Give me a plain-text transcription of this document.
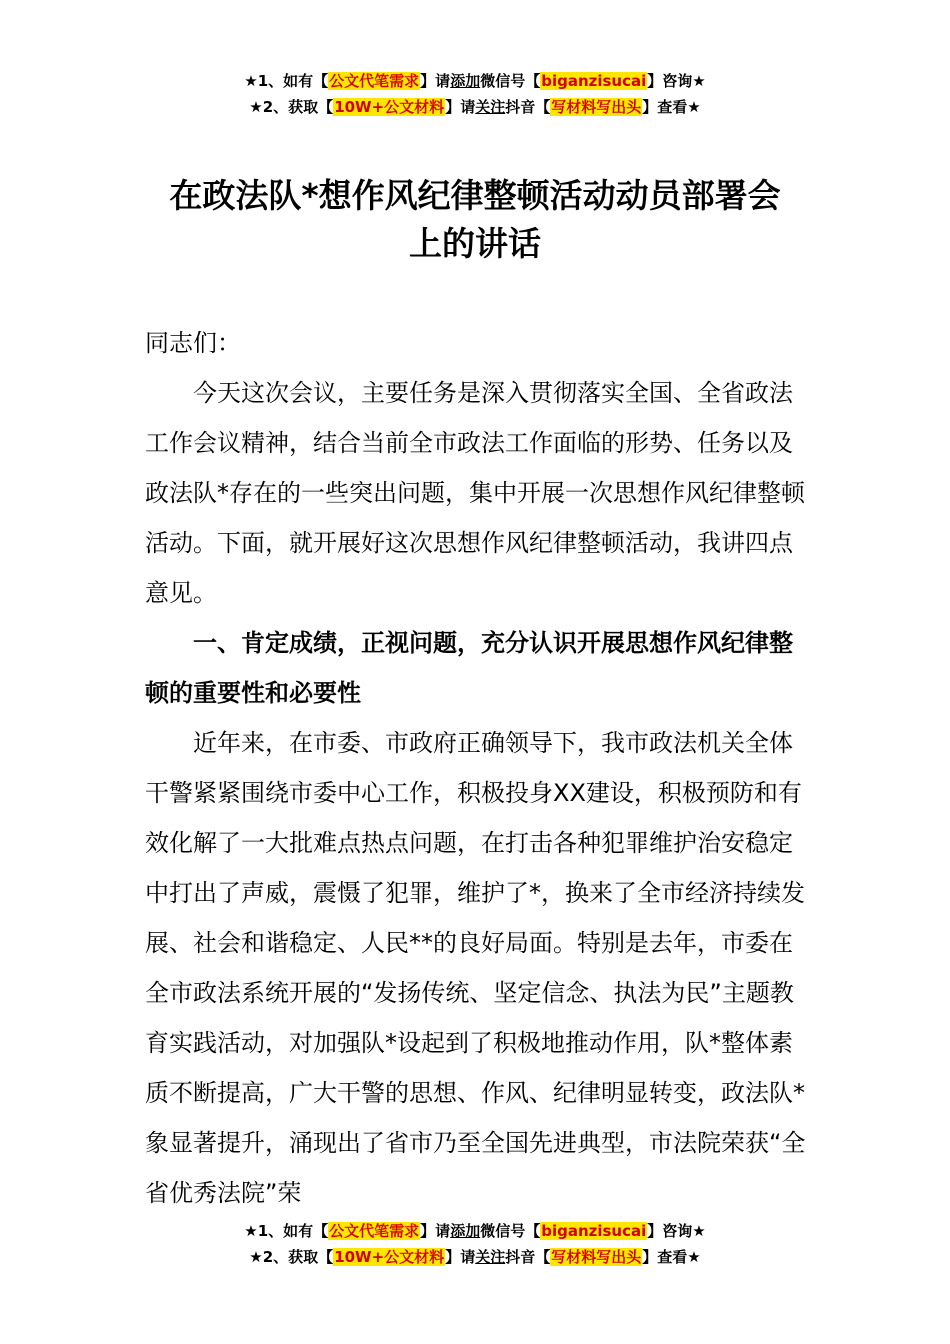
★1、如有【公文代笔需求】请添加微信号【biganzisucai】咨询★
★2、获取【10W+公文材料】请关注抖音【写材料写出头】查看★
在政法队*想作风纪律整顿活动动员部署会
上的讲话

同志们：

今天这次会议，主要任务是深入贯彻落实全国、全省政法工作会议精神，结合当前全市政法工作面临的形势、任务以及政法队*存在的一些突出问题，集中开展一次思想作风纪律整顿活动。下面，就开展好这次思想作风纪律整顿活动，我讲四点意见。

一、肯定成绩，正视问题，充分认识开展思想作风纪律整顿的重要性和必要性

近年来，在市委、市政府正确领导下，我市政法机关全体干警紧紧围绕市委中心工作，积极投身XX建设，积极预防和有效化解了一大批难点热点问题，在打击各种犯罪维护治安稳定中打出了声威，震慑了犯罪，维护了*，换来了全市经济持续发展、社会和谐稳定、人民**的良好局面。特别是去年，市委在全市政法系统开展的“发扬传统、坚定信念、执法为民”主题教育实践活动，对加强队*设起到了积极地推动作用，队*整体素质不断提高，广大干警的思想、作风、纪律明显转变，政法队*象显著提升，涌现出了省市乃至全国先进典型，市法院荣获“全省优秀法院”荣

★1、如有【公文代笔需求】请添加微信号【biganzisucai】咨询★
★2、获取【10W+公文材料】请关注抖音【写材料写出头】查看★
